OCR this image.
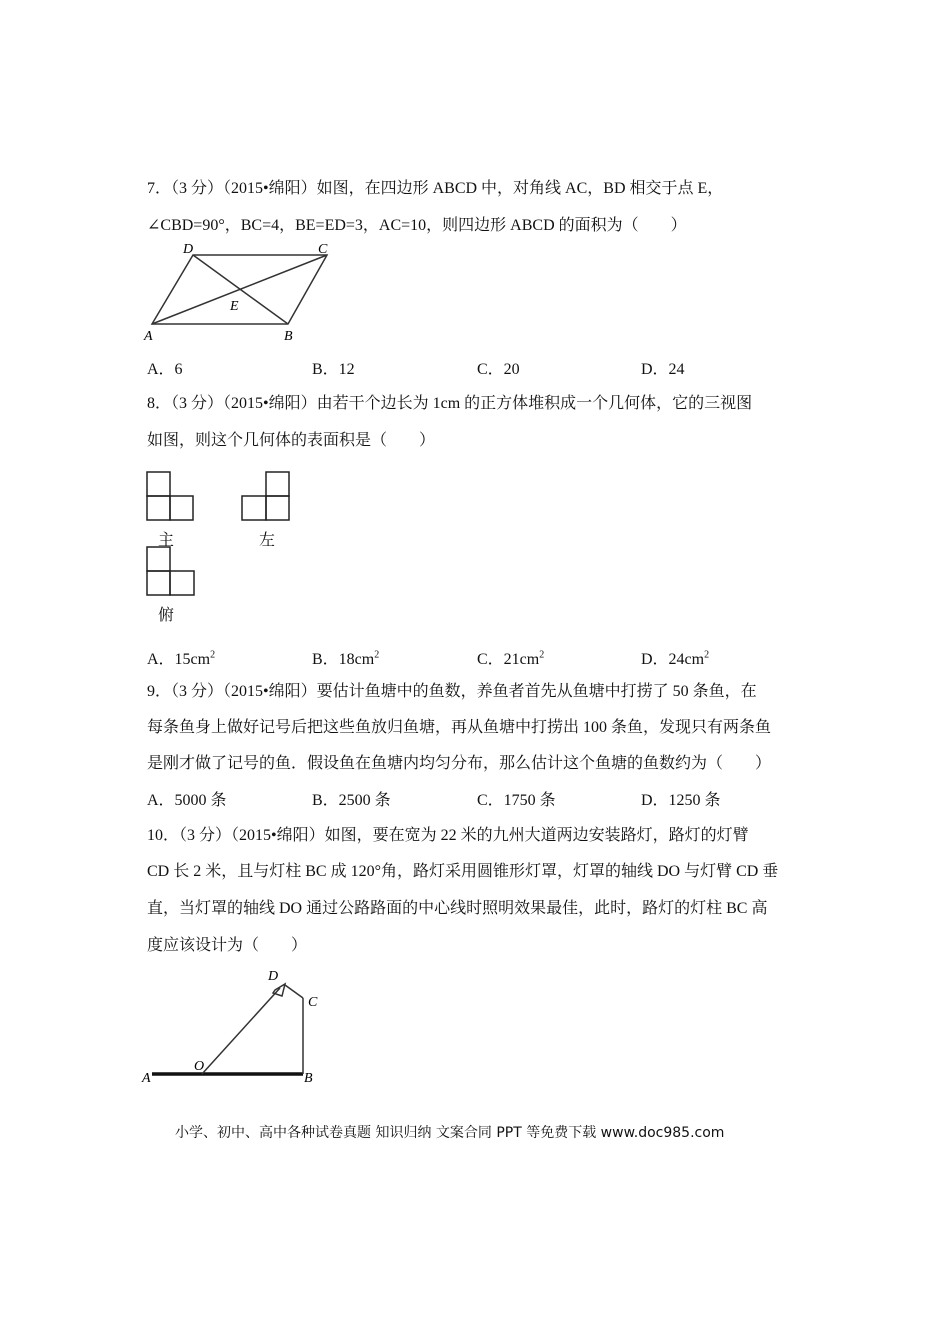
7．（3 分）（2015•绵阳）如图，在四边形 ABCD 中，对角线 AC，BD 相交于点 E，
∠CBD=90°，BC=4，BE=ED=3，AC=10，则四边形 ABCD 的面积为（　　）
A	B
C
D
E
A．6	B．12	C．20	D．24
8．（3 分）（2015•绵阳）由若干个边长为 1cm 的正方体堆积成一个几何体，它的三视图
如图，则这个几何体的表面积是（　　）
主	左
俯
A．$15cm^2$	B．$18cm^2$	C．$21cm^2$	D．$24cm^2$
9．（3 分）（2015•绵阳）要估计鱼塘中的鱼数，养鱼者首先从鱼塘中打捞了 50 条鱼，在
每条鱼身上做好记号后把这些鱼放归鱼塘，再从鱼塘中打捞出 100 条鱼，发现只有两条鱼
是刚才做了记号的鱼．假设鱼在鱼塘内均匀分布，那么估计这个鱼塘的鱼数约为（　　）
A．5000 条	B．2500 条	C．1750 条	D．1250 条
10．（3 分）（2015•绵阳）如图，要在宽为 22 米的九州大道两边安装路灯，路灯的灯臂
CD 长 2 米，且与灯柱 BC 成 120°角，路灯采用圆锥形灯罩，灯罩的轴线 DO 与灯臂 CD 垂
直，当灯罩的轴线 DO 通过公路路面的中心线时照明效果最佳，此时，路灯的灯柱 BC 高
度应该设计为（　　）
A	B
C
D
O
小学、初中、高中各种试卷真题 知识归纳 文案合同 PPT 等免费下载 www.doc985.com
